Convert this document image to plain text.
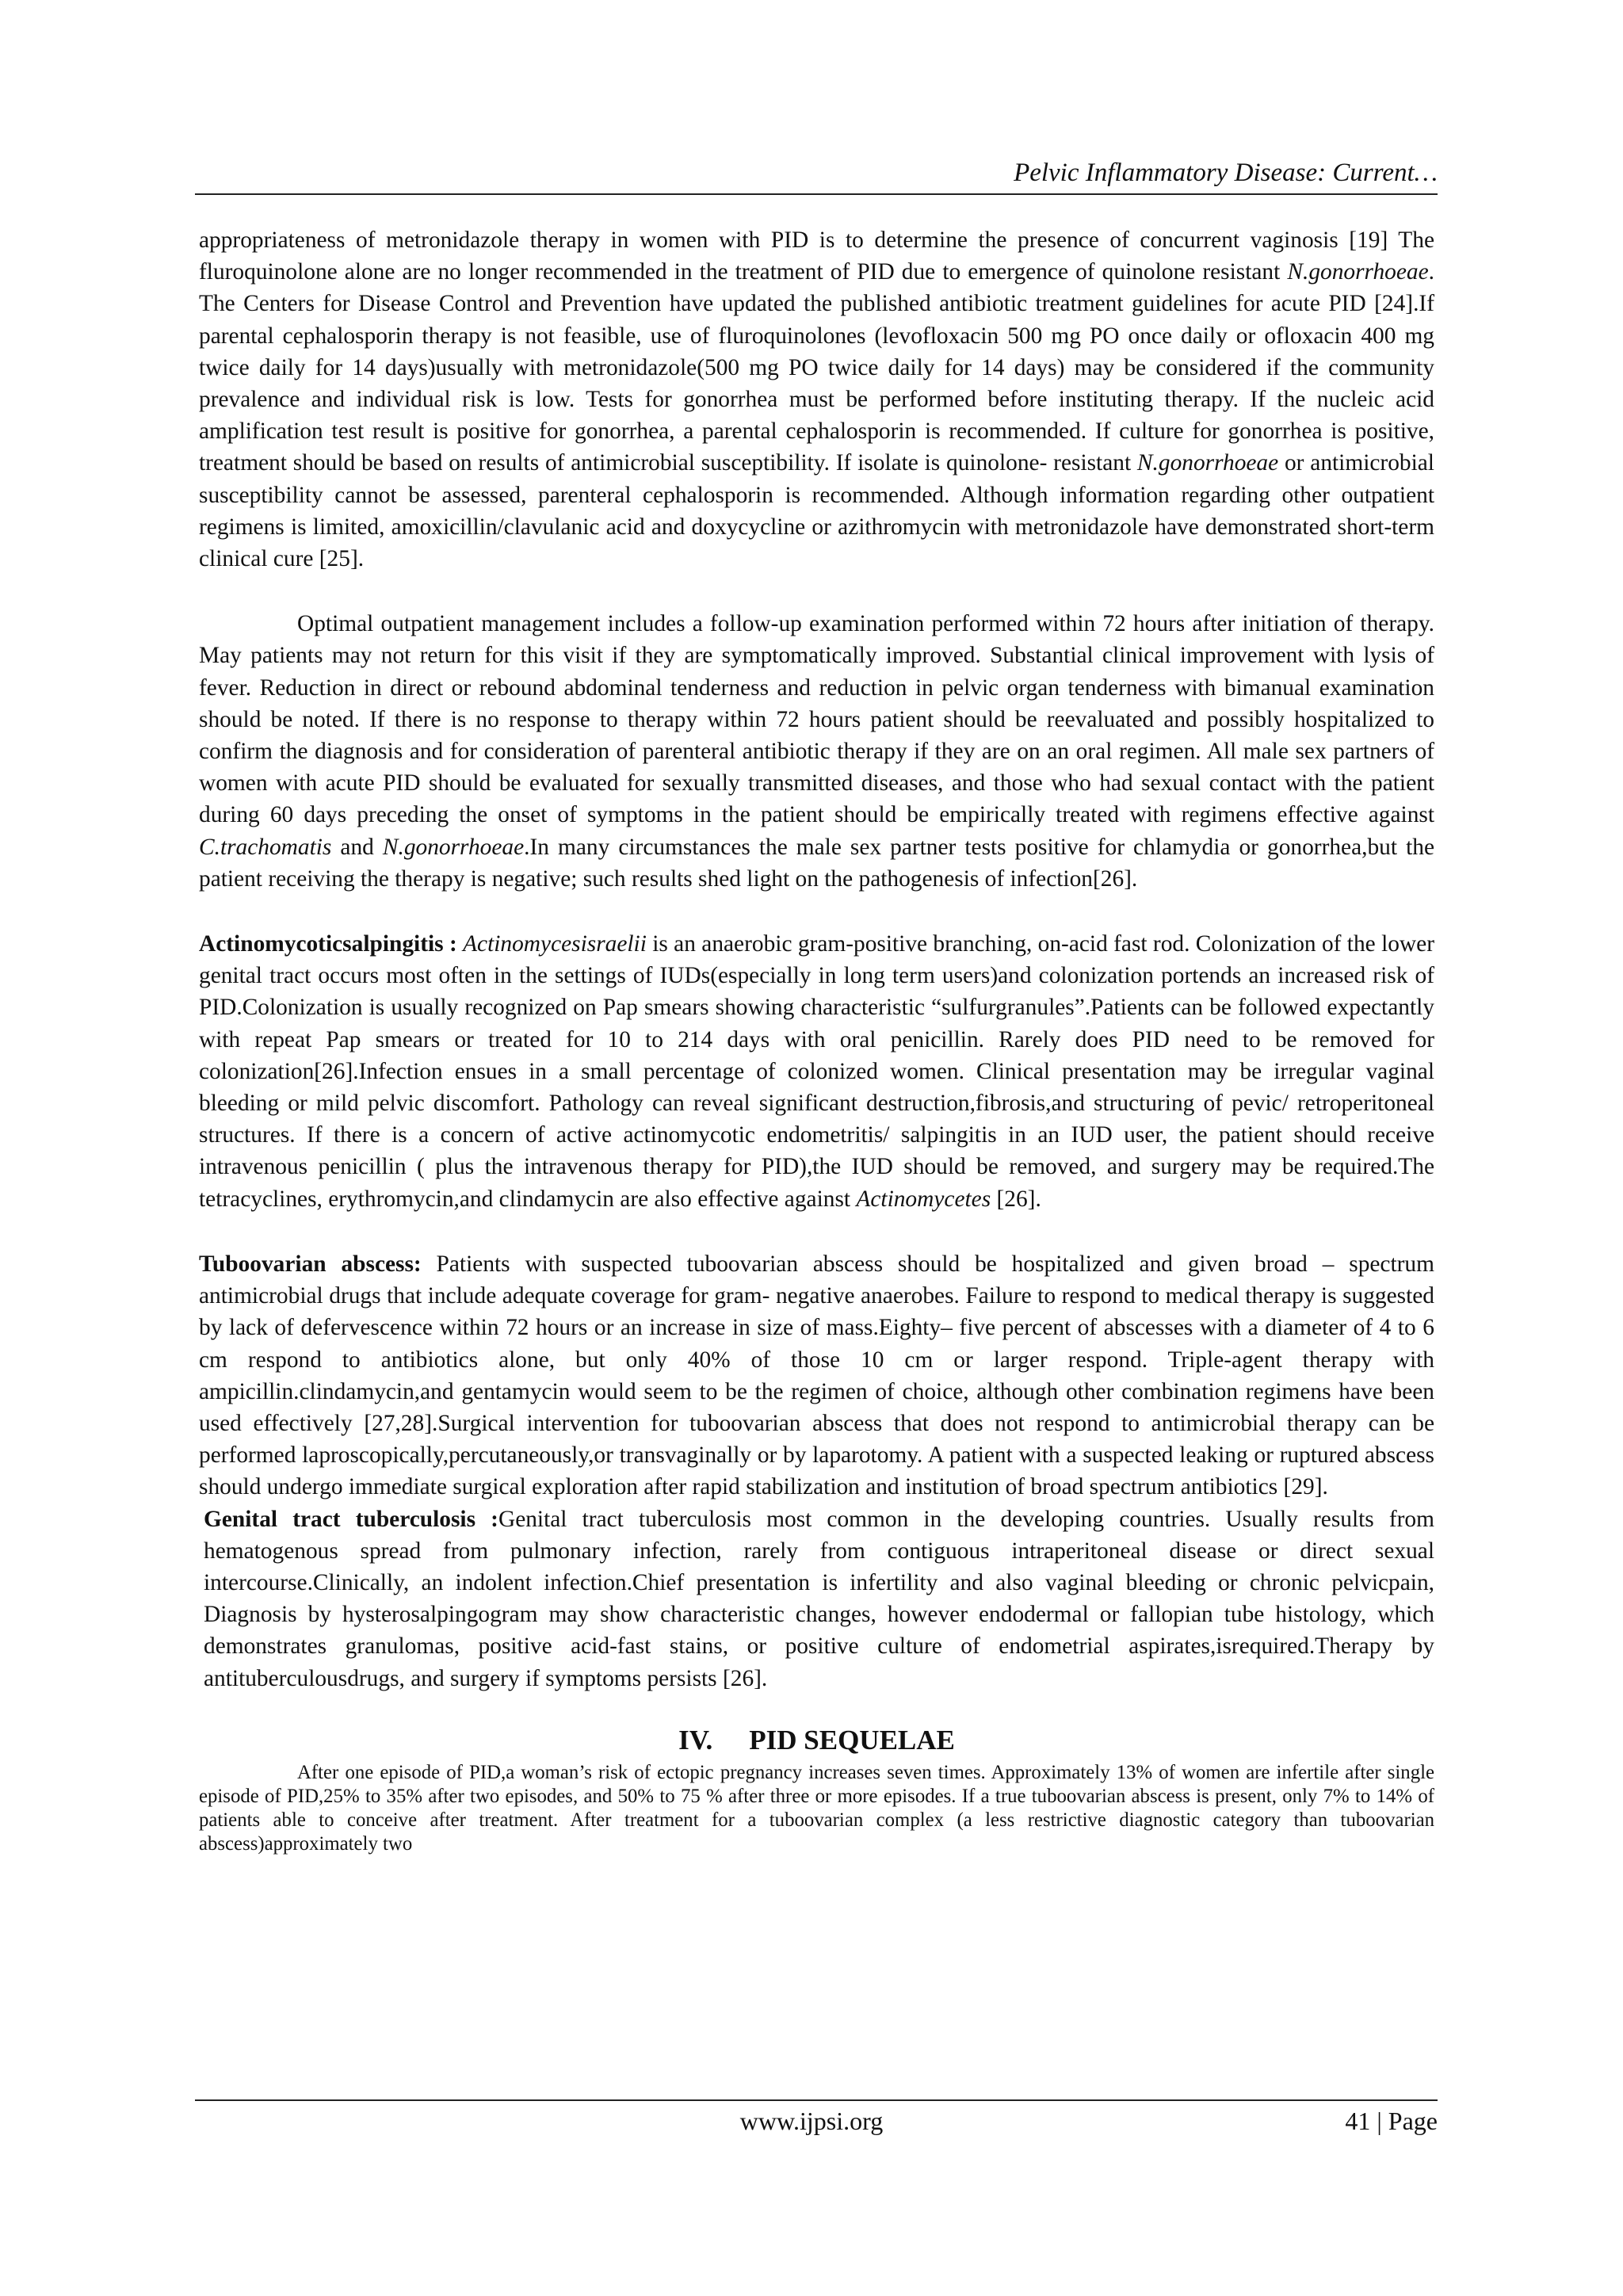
Pelvic Inflammatory Disease: Current…

appropriateness of metronidazole therapy in women with PID is to determine the presence of concurrent vaginosis [19] The fluroquinolone alone are no longer recommended in the treatment of PID due to emergence of quinolone resistant N.gonorrhoeae. The Centers for Disease Control and Prevention have updated the published antibiotic treatment guidelines for acute PID [24].If parental cephalosporin therapy is not feasible, use of fluroquinolones (levofloxacin 500 mg PO once daily or ofloxacin 400 mg twice daily for 14 days)usually with metronidazole(500 mg PO twice daily for 14 days) may be considered if the community prevalence and individual risk is low. Tests for gonorrhea must be performed before instituting therapy. If the nucleic acid amplification test result is positive for gonorrhea, a parental cephalosporin is recommended. If culture for gonorrhea is positive, treatment should be based on results of antimicrobial susceptibility. If isolate is quinolone- resistant N.gonorrhoeae or antimicrobial susceptibility cannot be assessed, parenteral cephalosporin is recommended. Although information regarding other outpatient regimens is limited, amoxicillin/clavulanic acid and doxycycline or azithromycin with metronidazole have demonstrated short-term clinical cure [25].

Optimal outpatient management includes a follow-up examination performed within 72 hours after initiation of therapy. May patients may not return for this visit if they are symptomatically improved. Substantial clinical improvement with lysis of fever. Reduction in direct or rebound abdominal tenderness and reduction in pelvic organ tenderness with bimanual examination should be noted. If there is no response to therapy within 72 hours patient should be reevaluated and possibly hospitalized to confirm the diagnosis and for consideration of parenteral antibiotic therapy if they are on an oral regimen. All male sex partners of women with acute PID should be evaluated for sexually transmitted diseases, and those who had sexual contact with the patient during 60 days preceding the onset of symptoms in the patient should be empirically treated with regimens effective against C.trachomatis and N.gonorrhoeae.In many circumstances the male sex partner tests positive for chlamydia or gonorrhea,but the patient receiving the therapy is negative; such results shed light on the pathogenesis of infection[26].

Actinomycoticsalpingitis : Actinomycesisraelii is an anaerobic gram-positive branching, on-acid fast rod. Colonization of the lower genital tract occurs most often in the settings of IUDs(especially in long term users)and colonization portends an increased risk of PID.Colonization is usually recognized on Pap smears showing characteristic “sulfurgranules”.Patients can be followed expectantly with repeat Pap smears or treated for 10 to 214 days with oral penicillin. Rarely does PID need to be removed for colonization[26].Infection ensues in a small percentage of colonized women. Clinical presentation may be irregular vaginal bleeding or mild pelvic discomfort. Pathology can reveal significant destruction,fibrosis,and structuring of pevic/ retroperitoneal structures. If there is a concern of active actinomycotic endometritis/ salpingitis in an IUD user, the patient should receive intravenous penicillin ( plus the intravenous therapy for PID),the IUD should be removed, and surgery may be required.The tetracyclines, erythromycin,and clindamycin are also effective against Actinomycetes [26].

Tuboovarian abscess: Patients with suspected tuboovarian abscess should be hospitalized and given broad – spectrum antimicrobial drugs that include adequate coverage for gram- negative anaerobes. Failure to respond to medical therapy is suggested by lack of defervescence within 72 hours or an increase in size of mass.Eighty– five percent of abscesses with a diameter of 4 to 6 cm respond to antibiotics alone, but only 40% of those 10 cm or larger respond. Triple-agent therapy with ampicillin.clindamycin,and gentamycin would seem to be the regimen of choice, although other combination regimens have been used effectively [27,28].Surgical intervention for tuboovarian abscess that does not respond to antimicrobial therapy can be performed laproscopically,percutaneously,or transvaginally or by laparotomy. A patient with a suspected leaking or ruptured abscess should undergo immediate surgical exploration after rapid stabilization and institution of broad spectrum antibiotics [29].

Genital tract tuberculosis :Genital tract tuberculosis most common in the developing countries. Usually results from hematogenous spread from pulmonary infection, rarely from contiguous intraperitoneal disease or direct sexual intercourse.Clinically, an indolent infection.Chief presentation is infertility and also vaginal bleeding or chronic pelvicpain, Diagnosis by hysterosalpingogram may show characteristic changes, however endodermal or fallopian tube histology, which demonstrates granulomas, positive acid-fast stains, or positive culture of endometrial aspirates,isrequired.Therapy by antituberculousdrugs, and surgery if symptoms persists [26].

IV. PID SEQUELAE

After one episode of PID,a woman’s risk of ectopic pregnancy increases seven times. Approximately 13% of women are infertile after single episode of PID,25% to 35% after two episodes, and 50% to 75 % after three or more episodes. If a true tuboovarian abscess is present, only 7% to 14% of patients able to conceive after treatment. After treatment for a tuboovarian complex (a less restrictive diagnostic category than tuboovarian abscess)approximately two

www.ijpsi.org	41 | Page
